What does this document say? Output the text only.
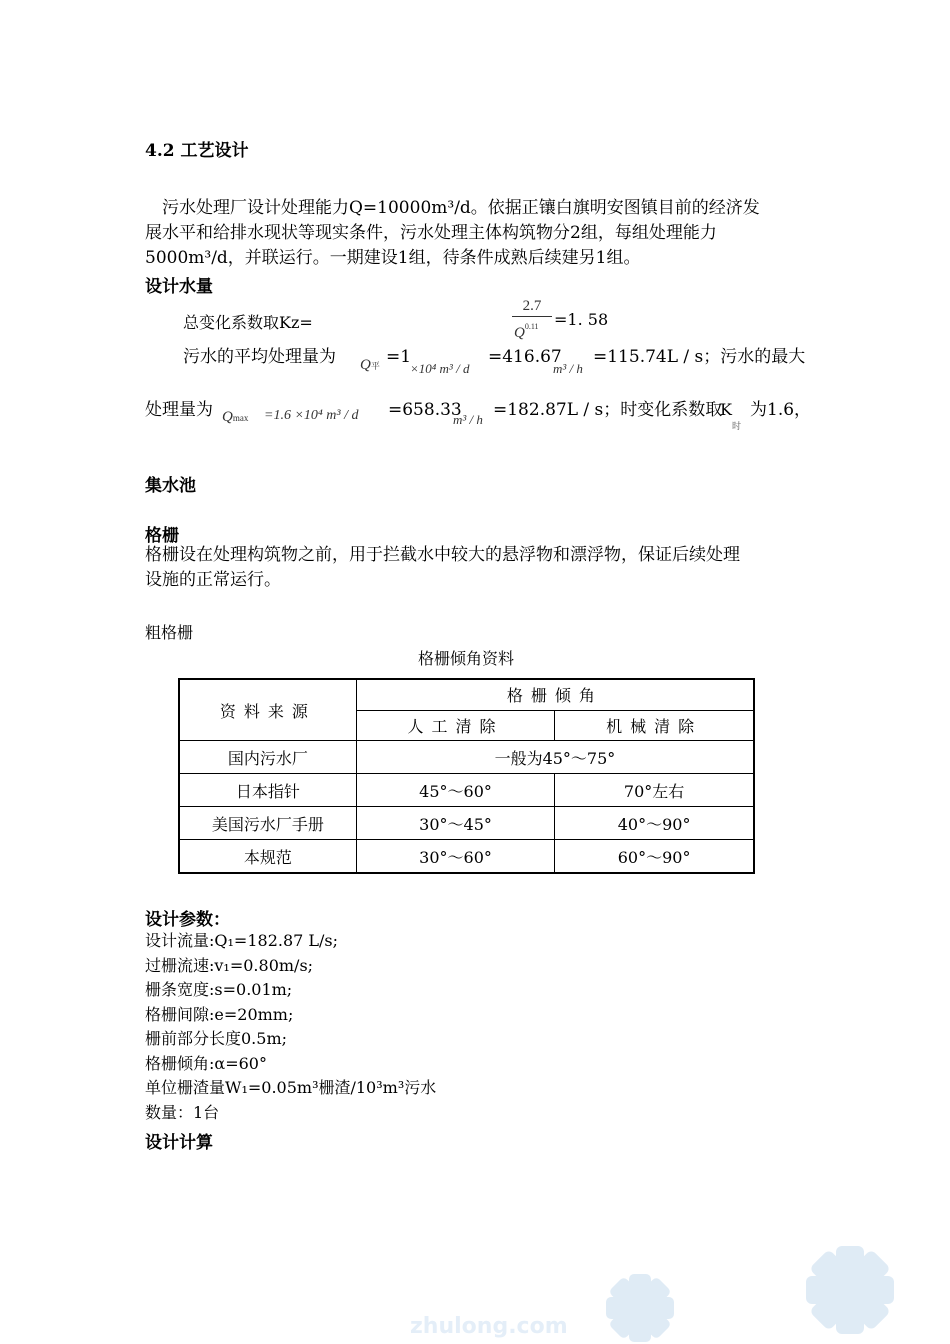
4.2 工艺设计
污水处理厂设计处理能力Q=10000m³/d。依据正镶白旗明安图镇目前的经济发
展水平和给排水现状等现实条件，污水处理主体构筑物分2组，每组处理能力
5000m³/d，并联运行。一期建设1组，待条件成熟后续建另1组。
设计水量
总变化系数取Kz=
2.7
$Q^{0.11} =1$. 58
污水的平均处理量为 Q平 =1
×10⁴ m³ / d
=416.67
m³ / h
=115.74L / s；污水的最大
处理量为 Qmax =1.6 ×10⁴ m³ / d =658.33
m³ / h =182.87L / s；时变化系数取
$K_时$
为1.6，
集水池
格栅
格栅设在处理构筑物之前，用于拦截水中较大的悬浮物和漂浮物，保证后续处理
设施的正常运行。
粗格栅
格栅倾角资料
资料来源	格栅倾角	
	人工清除	机械清除
国内污水厂	一般为45°～75°	
日本指针	45°～60°	70°左右
美国污水厂手册	30°～45°	40°～90°
本规范	30°～60°	60°～90°
设计参数：
设计流量:Q₁=182.87 L/s;
过栅流速:v₁=0.80m/s;
栅条宽度:s=0.01m;
格栅间隙:e=20mm;
栅前部分长度0.5m;
格栅倾角:α=60°
单位栅渣量W₁=0.05m³栅渣/10³m³污水
数量：1台
设计计算
zhulong.com
